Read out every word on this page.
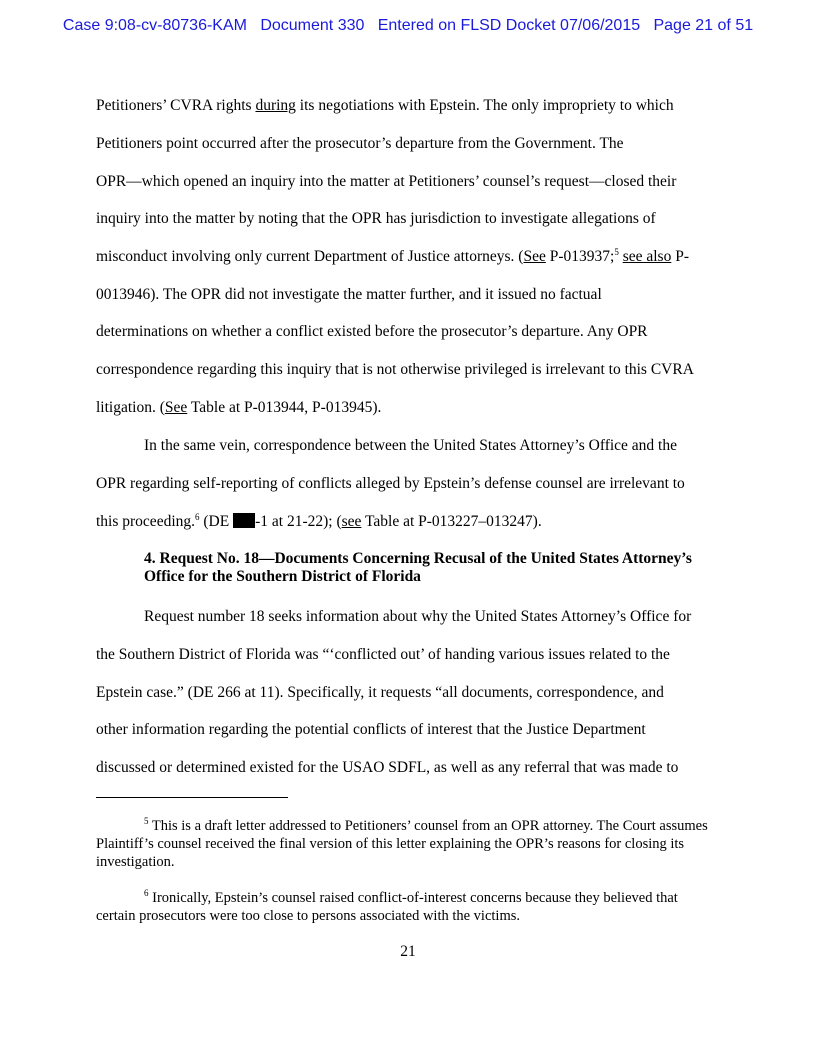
Case 9:08-cv-80736-KAM Document 330 Entered on FLSD Docket 07/06/2015 Page 21 of 51
Petitioners’ CVRA rights during its negotiations with Epstein. The only impropriety to which
Petitioners point occurred after the prosecutor’s departure from the Government. The
OPR—which opened an inquiry into the matter at Petitioners’ counsel’s request—closed their
inquiry into the matter by noting that the OPR has jurisdiction to investigate allegations of
misconduct involving only current Department of Justice attorneys. (See P-013937;$^5$ see also P-
0013946). The OPR did not investigate the matter further, and it issued no factual
determinations on whether a conflict existed before the prosecutor’s departure. Any OPR
correspondence regarding this inquiry that is not otherwise privileged is irrelevant to this CVRA
litigation. (See Table at P-013944, P-013945).
In the same vein, correspondence between the United States Attorney’s Office and the
OPR regarding self-reporting of conflicts alleged by Epstein’s defense counsel are irrelevant to
this proceeding.$^6$ (DE -1 at 21-22); (see Table at P-013227–013247).
4. Request No. 18—Documents Concerning Recusal of the United States Attorney’s
Office for the Southern District of Florida
Request number 18 seeks information about why the United States Attorney’s Office for
the Southern District of Florida was “‘conflicted out’ of handing various issues related to the
Epstein case.” (DE 266 at 11). Specifically, it requests “all documents, correspondence, and
other information regarding the potential conflicts of interest that the Justice Department
discussed or determined existed for the USAO SDFL, as well as any referral that was made to

$^5$ This is a draft letter addressed to Petitioners’ counsel from an OPR attorney. The Court assumes Plaintiff’s counsel received the final version of this letter explaining the OPR’s reasons for closing its investigation.

$^6$ Ironically, Epstein’s counsel raised conflict-of-interest concerns because they believed that certain prosecutors were too close to persons associated with the victims.

21
